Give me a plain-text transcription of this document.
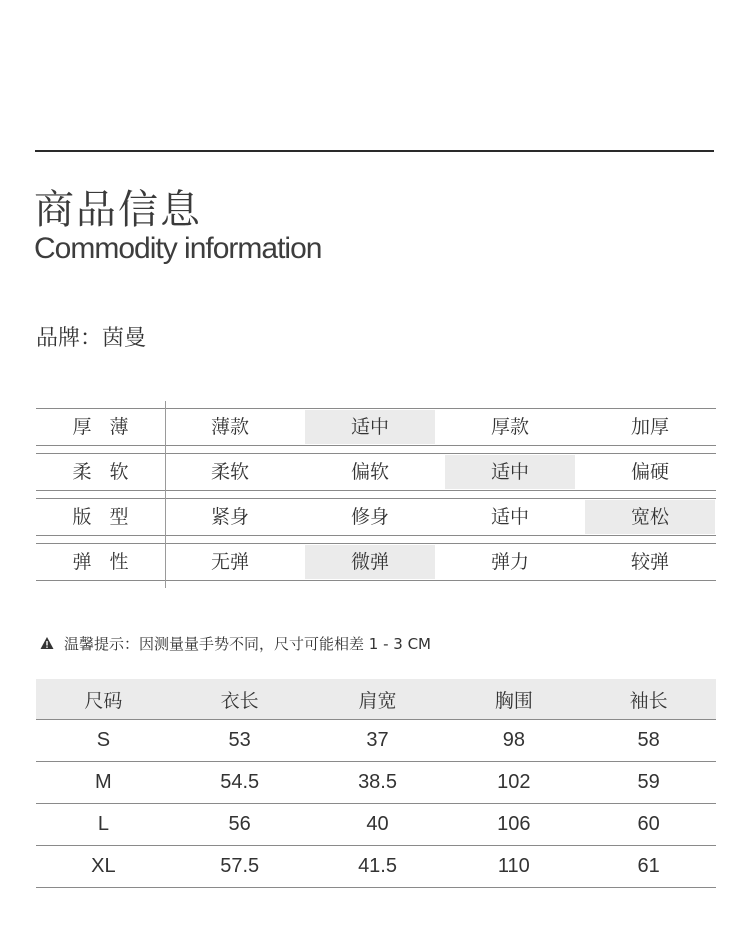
商品信息
Commodity information
品牌：茵曼
厚薄	薄款	适中	厚款	加厚
柔软	柔软	偏软	适中	偏硬
版型	紧身	修身	适中	宽松
弹性	无弹	微弹	弹力	较弹
温馨提示：因测量量手势不同，尺寸可能相差 1 - 3 CM
尺码	衣长	肩宽	胸围	袖长
S	53	37	98	58
M	54.5	38.5	102	59
L	56	40	106	60
XL	57.5	41.5	110	61
